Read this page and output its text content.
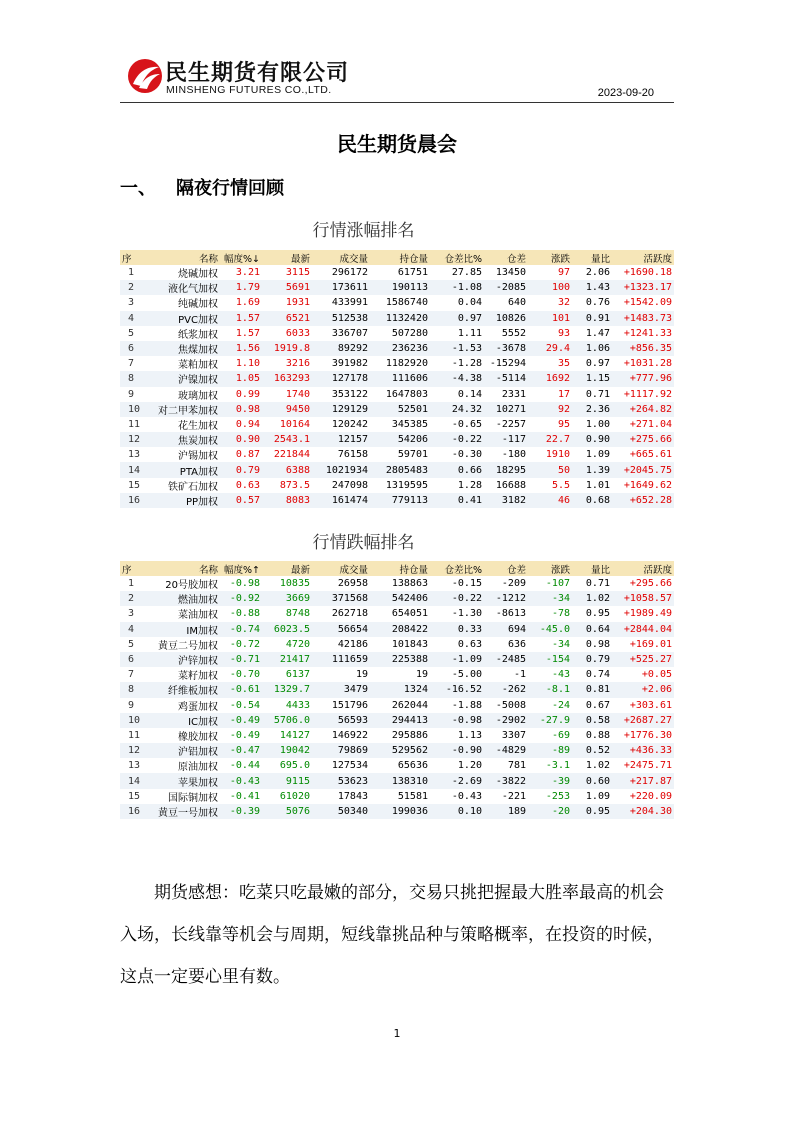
民生期货有限公司
MINSHENG FUTURES CO.,LTD.	2023-09-20
民生期货晨会
一、 隔夜行情回顾
行情涨幅排名
序	名称	幅度%↓	最新	成交量	持仓量	仓差比%	仓差	涨跌	量比	活跃度
1	烧碱加权	3.21	3115	296172	61751	27.85	13450	97	2.06	+1690.18
2	液化气加权	1.79	5691	173611	190113	-1.08	-2085	100	1.43	+1323.17
3	纯碱加权	1.69	1931	433991	1586740	0.04	640	32	0.76	+1542.09
4	PVC加权	1.57	6521	512538	1132420	0.97	10826	101	0.91	+1483.73
5	纸浆加权	1.57	6033	336707	507280	1.11	5552	93	1.47	+1241.33
6	焦煤加权	1.56	1919.8	89292	236236	-1.53	-3678	29.4	1.06	+856.35
7	菜粕加权	1.10	3216	391982	1182920	-1.28	-15294	35	0.97	+1031.28
8	沪镍加权	1.05	163293	127178	111606	-4.38	-5114	1692	1.15	+777.96
9	玻璃加权	0.99	1740	353122	1647803	0.14	2331	17	0.71	+1117.92
10	对二甲苯加权	0.98	9450	129129	52501	24.32	10271	92	2.36	+264.82
11	花生加权	0.94	10164	120242	345385	-0.65	-2257	95	1.00	+271.04
12	焦炭加权	0.90	2543.1	12157	54206	-0.22	-117	22.7	0.90	+275.66
13	沪锡加权	0.87	221844	76158	59701	-0.30	-180	1910	1.09	+665.61
14	PTA加权	0.79	6388	1021934	2805483	0.66	18295	50	1.39	+2045.75
15	铁矿石加权	0.63	873.5	247098	1319595	1.28	16688	5.5	1.01	+1649.62
16	PP加权	0.57	8083	161474	779113	0.41	3182	46	0.68	+652.28
行情跌幅排名
序	名称	幅度%↑	最新	成交量	持仓量	仓差比%	仓差	涨跌	量比	活跃度
1	20号胶加权	-0.98	10835	26958	138863	-0.15	-209	-107	0.71	+295.66
2	燃油加权	-0.92	3669	371568	542406	-0.22	-1212	-34	1.02	+1058.57
3	菜油加权	-0.88	8748	262718	654051	-1.30	-8613	-78	0.95	+1989.49
4	IM加权	-0.74	6023.5	56654	208422	0.33	694	-45.0	0.64	+2844.04
5	黄豆二号加权	-0.72	4720	42186	101843	0.63	636	-34	0.98	+169.01
6	沪锌加权	-0.71	21417	111659	225388	-1.09	-2485	-154	0.79	+525.27
7	菜籽加权	-0.70	6137	19	19	-5.00	-1	-43	0.74	+0.05
8	纤维板加权	-0.61	1329.7	3479	1324	-16.52	-262	-8.1	0.81	+2.06
9	鸡蛋加权	-0.54	4433	151796	262044	-1.88	-5008	-24	0.67	+303.61
10	IC加权	-0.49	5706.0	56593	294413	-0.98	-2902	-27.9	0.58	+2687.27
11	橡胶加权	-0.49	14127	146922	295886	1.13	3307	-69	0.88	+1776.30
12	沪铝加权	-0.47	19042	79869	529562	-0.90	-4829	-89	0.52	+436.33
13	原油加权	-0.44	695.0	127534	65636	1.20	781	-3.1	1.02	+2475.71
14	苹果加权	-0.43	9115	53623	138310	-2.69	-3822	-39	0.60	+217.87
15	国际铜加权	-0.41	61020	17843	51581	-0.43	-221	-253	1.09	+220.09
16	黄豆一号加权	-0.39	5076	50340	199036	0.10	189	-20	0.95	+204.30
期货感想：吃菜只吃最嫩的部分，交易只挑把握最大胜率最高的机会入场，长线靠等机会与周期，短线靠挑品种与策略概率，在投资的时候，这点一定要心里有数。
1
